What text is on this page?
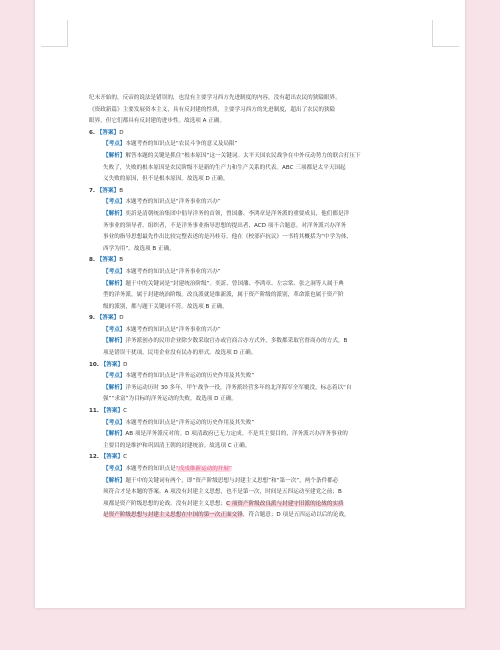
纪末开始的，反帝的说法是错误的，也没有主要学习西方先进制度的内容，没有超出农民的狭隘眼界。

《资政新篇》主要发展资本主义，具有反封建的性质，主要学习西方的先进制度，超出了农民的狭隘

眼界，但它们都具有反封建的进步性。故选项 A 正确。

6. 【答案】D

【考点】本题考查的知识点是“农民斗争的意义及局限”

【解析】解答本题的关键是抓住“根本原因”这一关键词。太平天国农民战争在中外反动势力的联合打压下

失败了，失败的根本原因是农民阶级不是新的生产力和生产关系的代表。ABC 三项都是太平天国起

义失败的原因，但不是根本原因。故选项 D 正确。

7. 【答案】B

【考点】本题考查的知识点是“洋务事业的兴办”

【解析】奕訢是清朝统治集团中倡导洋务的首领，曾国藩、李鸿章是洋务派的重要成员，他们都是洋

务事业的领导者、组织者，不是洋务事业指导思想的提出者，ACD 项不合题意。对洋务派兴办洋务

事业的指导思想最先作出比较完整表述的是冯桂芬。他在《校邠庐抗议》一书将其概括为“中学为体，

西学为用”。故选项 B 正确。

8. 【答案】B

【考点】本题考查的知识点是“洋务事业的兴办”

【解析】题干中的关键词是“封建统治阶级”。奕訢、曾国藩、李鸿章、左宗棠、张之洞等人属于典

型的洋务派，属于封建统治阶级。改良派就是维新派，属于资产阶级的派别，革命派也属于资产阶

级的派别，都与题干关键词不符。故选项 B 正确。

9. 【答案】D

【考点】本题考查的知识点是“洋务事业的兴办”

【解析】洋务派创办的民用企业除少数采取官办或官商合办方式外，多数都采取官督商办的方式，B

项是错误干扰项，民用企业没有民办的形式。故选项 D 正确。

10. 【答案】D

【考点】本题考查的知识点是“洋务运动的历史作用及其失败”

【解析】洋务运动历时 30 多年，甲午战争一役，洋务派经营多年的北洋海军全军覆没，标志着以“自

强”“求富”为目标的洋务运动的失败。故选项 D 正确。

11. 【答案】C

【考点】本题考查的知识点是“洋务运动的历史作用及其失败”

【解析】AB 项是洋务派反对的。D 项清政府已无力定成。不是其主要目的，洋务派兴办洋务事业的

主要目的是维护和巩固清王朝的封建统治。故选项 C 正确。

12. 【答案】C

【考点】本题考查的知识点是“戊戌维新运动的开展”

【解析】题干中的关键词有两个，即“资产阶级思想与封建主义思想”和“第一次”，两个条件都必

须符合才是本题的答案。A 项没有封建主义思想，也不是第一次，时间是五四运动至建党之前；B

项都是资产阶级思想的论战，没有封建主义思想；C 项资产阶级改良派与封建守旧派的论战的实质

是资产阶级思想与封建主义思想在中国的第一次正面交锋，符合题意；D 项是五四运动以后的论战，
